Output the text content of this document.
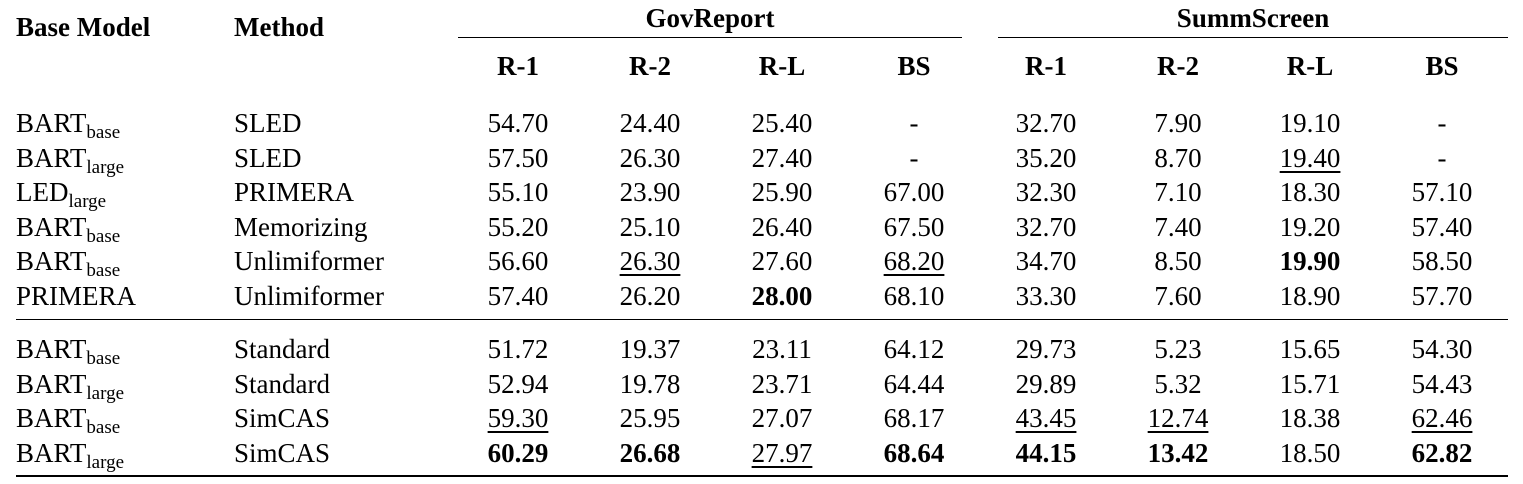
Base Model	Method	GovReport				SummScreen			

		R-1	R-2	R-L	BS	R-1	R-2	R-L	BS
$BART_{base}$	SLED	54.70	24.40	25.40	-	32.70	7.90	19.10	-
$BART_{large}$	SLED	57.50	26.30	27.40	-	35.20	8.70	19.40	-
$LED_{large}$	PRIMERA	55.10	23.90	25.90	67.00	32.30	7.10	18.30	57.10
$BART_{base}$	Memorizing	55.20	25.10	26.40	67.50	32.70	7.40	19.20	57.40
$BART_{base}$	Unlimiformer	56.60	26.30	27.60	68.20	34.70	8.50	19.90	58.50
PRIMERA	Unlimiformer	57.40	26.20	28.00	68.10	33.30	7.60	18.90	57.70
$BART_{base}$	Standard	51.72	19.37	23.11	64.12	29.73	5.23	15.65	54.30
$BART_{large}$	Standard	52.94	19.78	23.71	64.44	29.89	5.32	15.71	54.43
$BART_{base}$	SimCAS	59.30	25.95	27.07	68.17	43.45	12.74	18.38	62.46
$BART_{large}$	SimCAS	60.29	26.68	27.97	68.64	44.15	13.42	18.50	62.82
